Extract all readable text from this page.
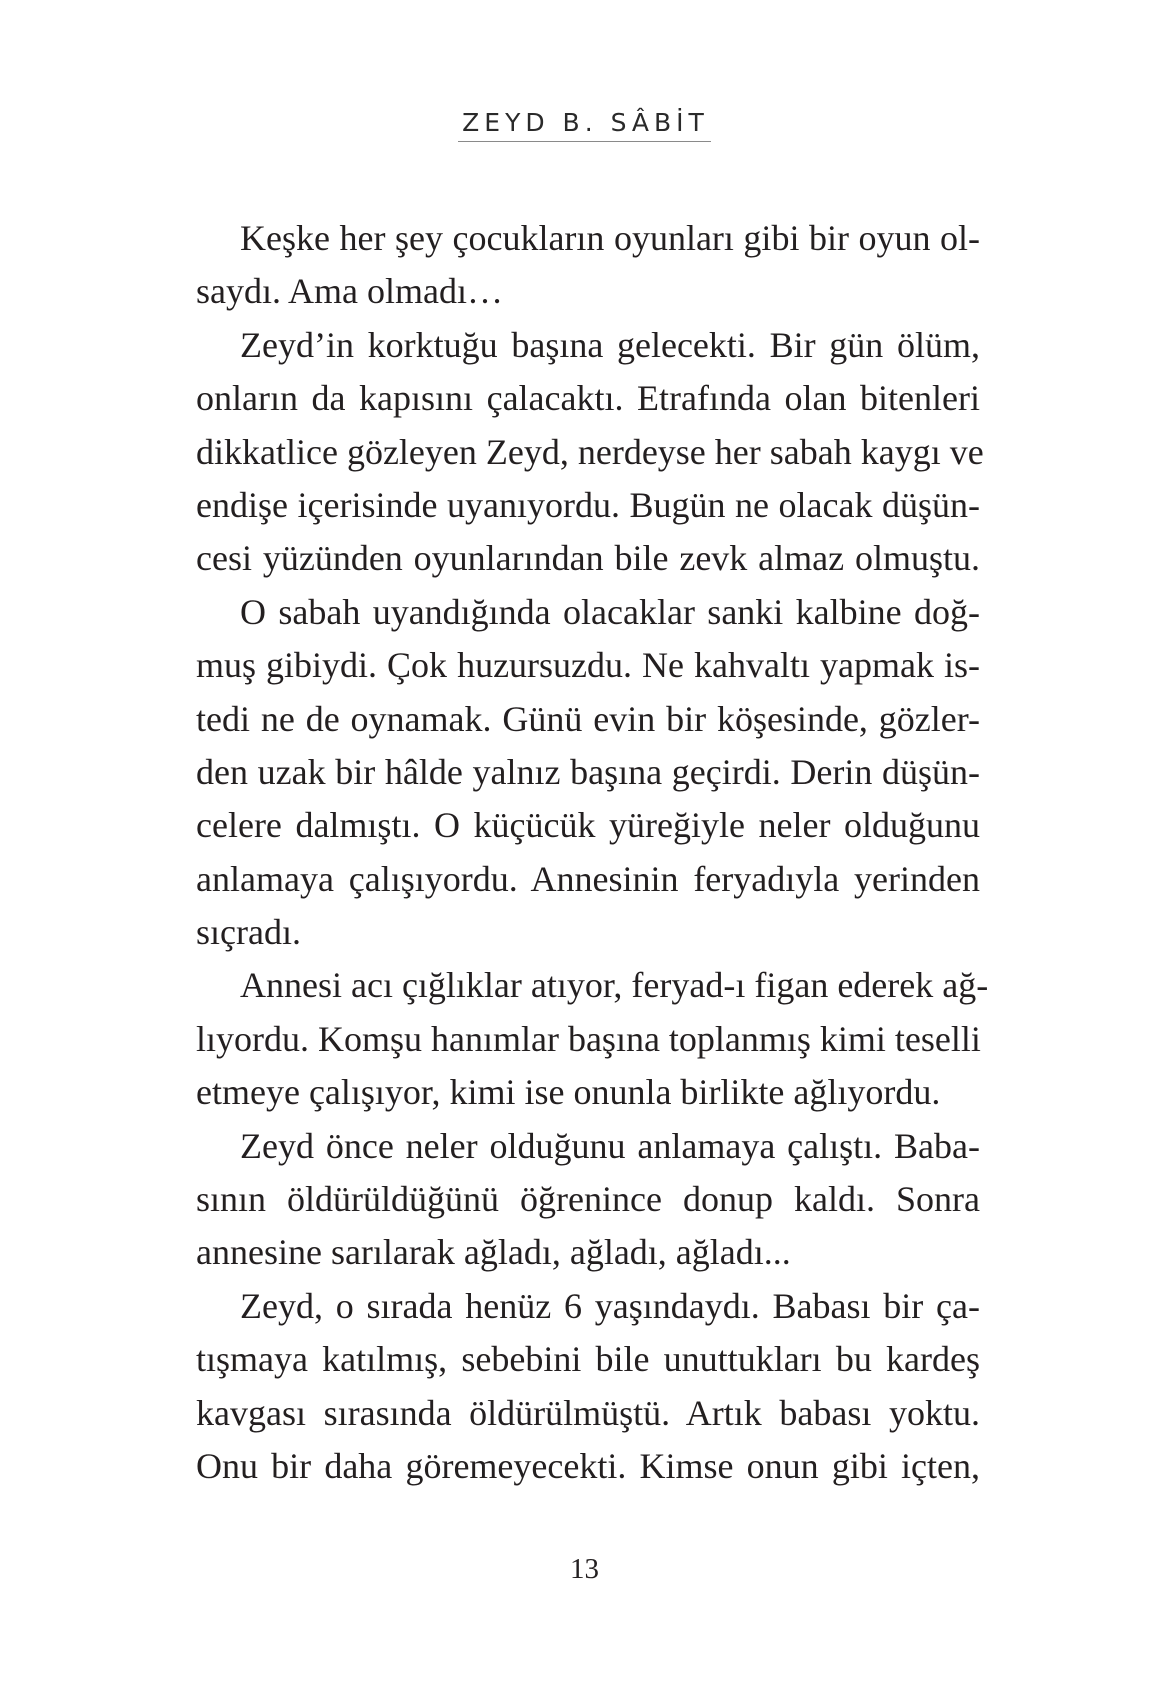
ZEYD B. SÂBİT
Keşke her şey çocukların oyunları gibi bir oyun ol-
saydı. Ama olmadı…
Zeyd’in korktuğu başına gelecekti. Bir gün ölüm,
onların da kapısını çalacaktı. Etrafında olan bitenleri
dikkatlice gözleyen Zeyd, nerdeyse her sabah kaygı ve
endişe içerisinde uyanıyordu. Bugün ne olacak düşün-
cesi yüzünden oyunlarından bile zevk almaz olmuştu.
O sabah uyandığında olacaklar sanki kalbine doğ-
muş gibiydi. Çok huzursuzdu. Ne kahvaltı yapmak is-
tedi ne de oynamak. Günü evin bir köşesinde, gözler-
den uzak bir hâlde yalnız başına geçirdi. Derin düşün-
celere dalmıştı. O küçücük yüreğiyle neler olduğunu
anlamaya çalışıyordu. Annesinin feryadıyla yerinden
sıçradı.
Annesi acı çığlıklar atıyor, feryad-ı figan ederek ağ-
lıyordu. Komşu hanımlar başına toplanmış kimi teselli
etmeye çalışıyor, kimi ise onunla birlikte ağlıyordu.
Zeyd önce neler olduğunu anlamaya çalıştı. Baba-
sının öldürüldüğünü öğrenince donup kaldı. Sonra
annesine sarılarak ağladı, ağladı, ağladı...
Zeyd, o sırada henüz 6 yaşındaydı. Babası bir ça-
tışmaya katılmış, sebebini bile unuttukları bu kardeş
kavgası sırasında öldürülmüştü. Artık babası yoktu.
Onu bir daha göremeyecekti. Kimse onun gibi içten,
13
